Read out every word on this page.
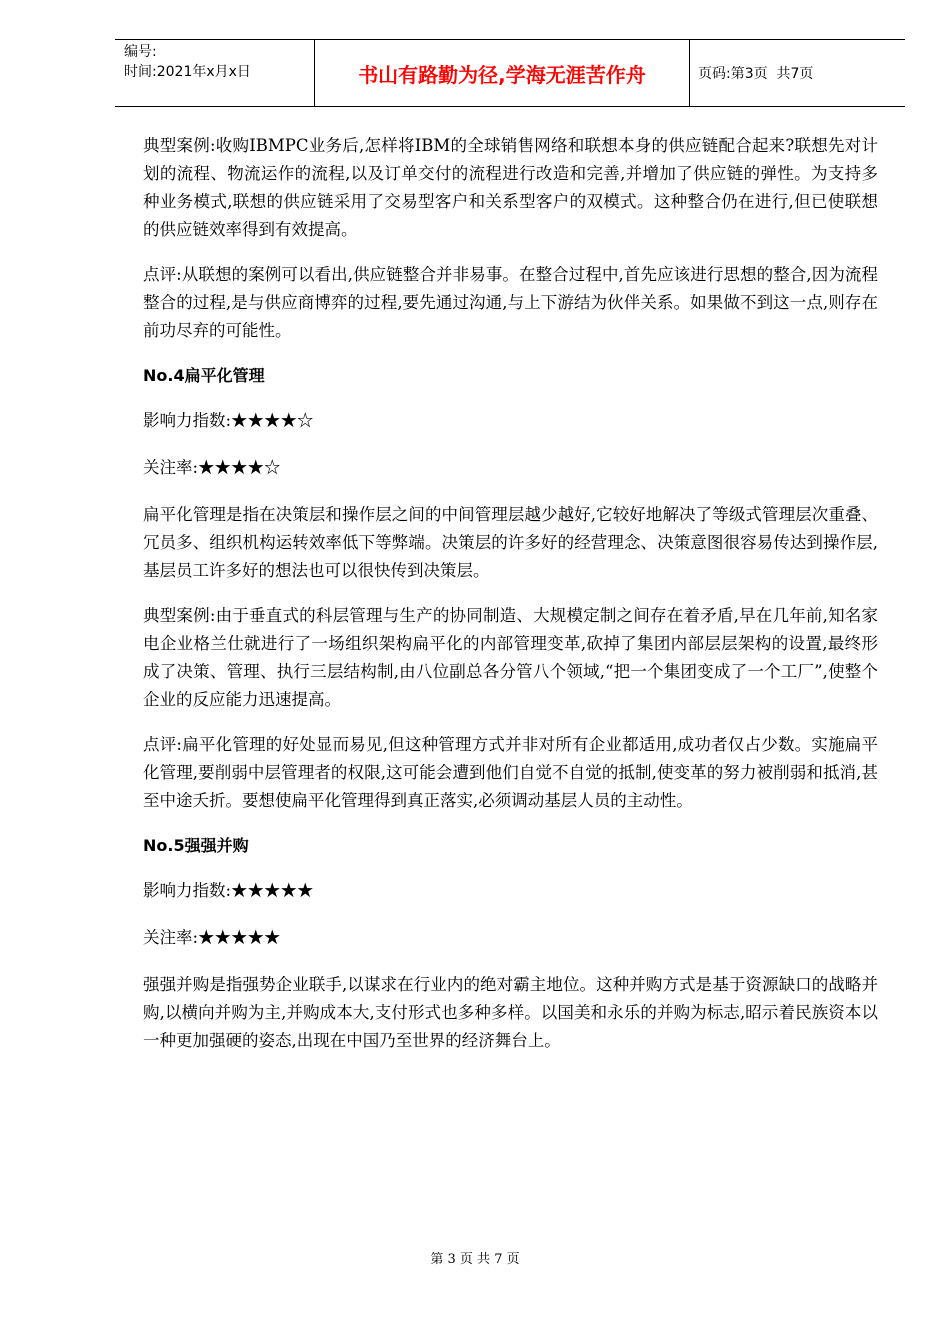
编号:
时间:2021年x月x日	书山有路勤为径,学海无涯苦作舟	页码:第3页  共7页

典型案例:收购IBMPC业务后,怎样将IBM的全球销售网络和联想本身的供应链配合起来?联想先对计划的流程、物流运作的流程,以及订单交付的流程进行改造和完善,并增加了供应链的弹性。为支持多种业务模式,联想的供应链采用了交易型客户和关系型客户的双模式。这种整合仍在进行,但已使联想的供应链效率得到有效提高。

点评:从联想的案例可以看出,供应链整合并非易事。在整合过程中,首先应该进行思想的整合,因为流程整合的过程,是与供应商博弈的过程,要先通过沟通,与上下游结为伙伴关系。如果做不到这一点,则存在前功尽弃的可能性。

No.4扁平化管理

影响力指数:★★★★☆

关注率:★★★★☆

扁平化管理是指在决策层和操作层之间的中间管理层越少越好,它较好地解决了等级式管理层次重叠、冗员多、组织机构运转效率低下等弊端。决策层的许多好的经营理念、决策意图很容易传达到操作层,基层员工许多好的想法也可以很快传到决策层。

典型案例:由于垂直式的科层管理与生产的协同制造、大规模定制之间存在着矛盾,早在几年前,知名家电企业格兰仕就进行了一场组织架构扁平化的内部管理变革,砍掉了集团内部层层架构的设置,最终形成了决策、管理、执行三层结构制,由八位副总各分管八个领域,“把一个集团变成了一个工厂”,使整个企业的反应能力迅速提高。

点评:扁平化管理的好处显而易见,但这种管理方式并非对所有企业都适用,成功者仅占少数。实施扁平化管理,要削弱中层管理者的权限,这可能会遭到他们自觉不自觉的抵制,使变革的努力被削弱和抵消,甚至中途夭折。要想使扁平化管理得到真正落实,必须调动基层人员的主动性。

No.5强强并购

影响力指数:★★★★★

关注率:★★★★★

强强并购是指强势企业联手,以谋求在行业内的绝对霸主地位。这种并购方式是基于资源缺口的战略并购,以横向并购为主,并购成本大,支付形式也多种多样。以国美和永乐的并购为标志,昭示着民族资本以一种更加强硬的姿态,出现在中国乃至世界的经济舞台上。

第 3 页 共 7 页
